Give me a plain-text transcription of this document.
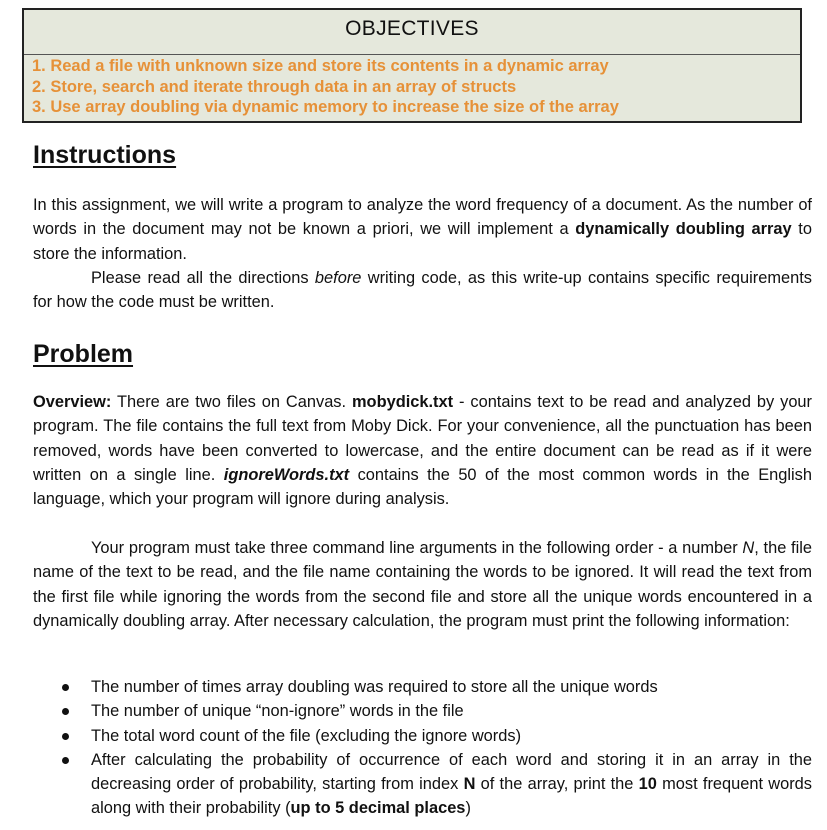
OBJECTIVES
1. Read a file with unknown size and store its contents in a dynamic array
2. Store, search and iterate through data in an array of structs
3. Use array doubling via dynamic memory to increase the size of the array
Instructions

In this assignment, we will write a program to analyze the word frequency of a document. As the number of words in the document may not be known a priori, we will implement a dynamically doubling array to store the information.

Please read all the directions before writing code, as this write-up contains specific requirements for how the code must be written.

Problem

Overview: There are two files on Canvas. mobydick.txt - contains text to be read and analyzed by your program. The file contains the full text from Moby Dick. For your convenience, all the punctuation has been removed, words have been converted to lowercase, and the entire document can be read as if it were written on a single line. ignoreWords.txt contains the 50 of the most common words in the English language, which your program will ignore during analysis.

Your program must take three command line arguments in the following order - a number N, the file name of the text to be read, and the file name containing the words to be ignored. It will read the text from the first file while ignoring the words from the second file and store all the unique words encountered in a dynamically doubling array. After necessary calculation, the program must print the following information:

The number of times array doubling was required to store all the unique words
The number of unique “non-ignore” words in the file
The total word count of the file (excluding the ignore words)
After calculating the probability of occurrence of each word and storing it in an array in the decreasing order of probability, starting from index N of the array, print the 10 most frequent words along with their probability (up to 5 decimal places)
